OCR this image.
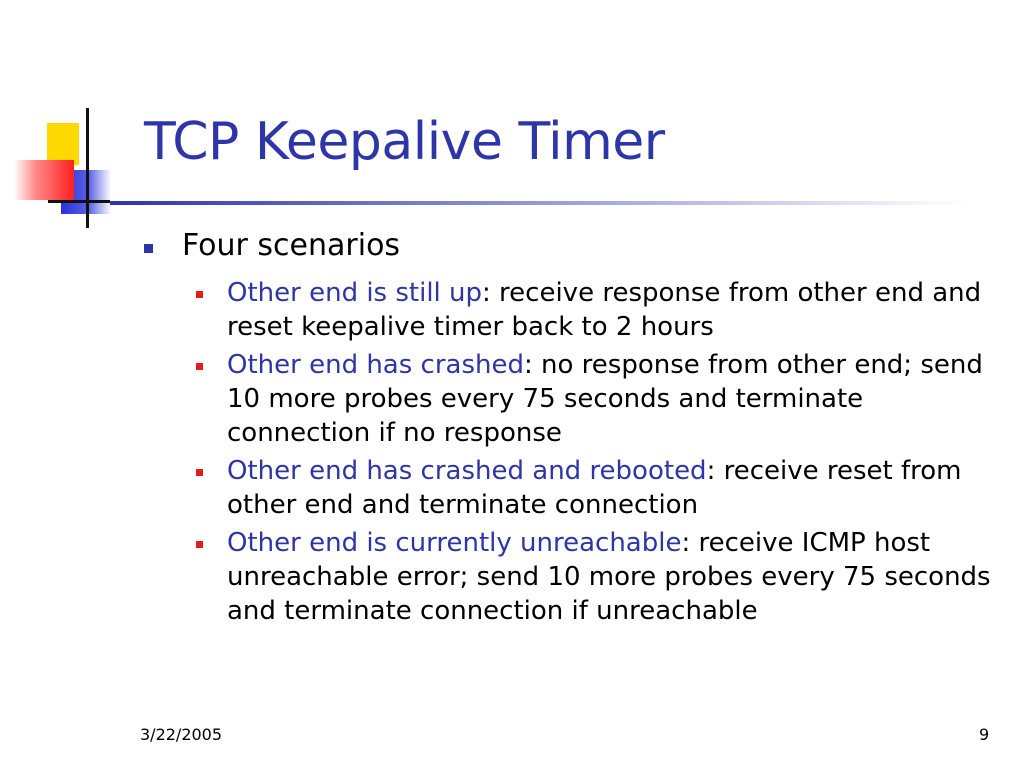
TCP Keepalive Timer
Four scenarios
Other end is still up: receive response from other end and reset keepalive timer back to 2 hours
Other end has crashed: no response from other end; send 10 more probes every 75 seconds and terminate connection if no response
Other end has crashed and rebooted: receive reset from other end and terminate connection
Other end is currently unreachable: receive ICMP host unreachable error; send 10 more probes every 75 seconds and terminate connection if unreachable
3/22/2005	9
